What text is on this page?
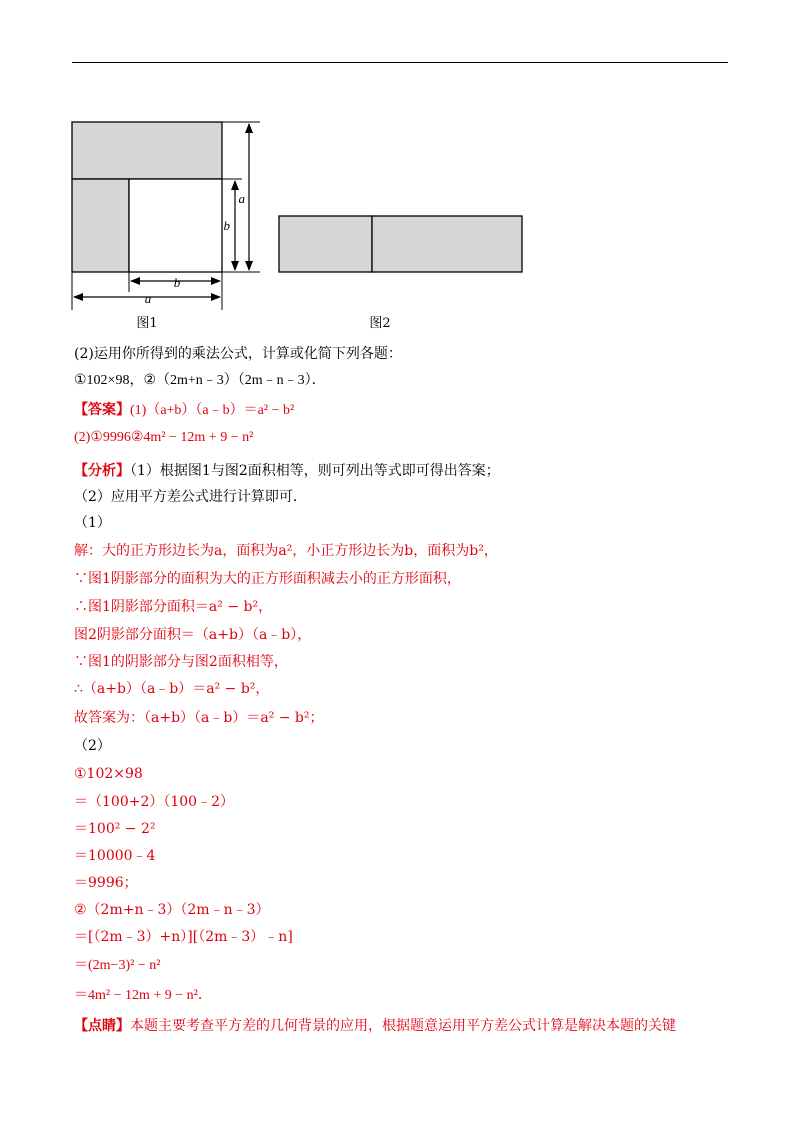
a
b
b
a
图1	图2
(2)运用你所得到的乘法公式，计算或化简下列各题：
①102×98，②（2m+n﹣3）（2m﹣n﹣3）．
【答案】(1)（a+b）（a﹣b）＝a² − b²
(2)①9996②4m² − 12m + 9 − n²
【分析】（1）根据图1与图2面积相等，则可列出等式即可得出答案；
（2）应用平方差公式进行计算即可．
（1）
解：大的正方形边长为a，面积为a²，小正方形边长为b，面积为b²，
∵图1阴影部分的面积为大的正方形面积减去小的正方形面积，
∴图1阴影部分面积＝a² − b²，
图2阴影部分面积＝（a+b）（a﹣b），
∵图1的阴影部分与图2面积相等，
∴（a+b）（a﹣b）＝a² − b²，
故答案为：（a+b）（a﹣b）＝a² − b²；
（2）
①102×98
＝（100+2）（100﹣2）
＝100² − 2²
＝10000﹣4
＝9996；
②（2m+n﹣3）（2m﹣n﹣3）
＝[（2m﹣3）+n）][（2m﹣3）﹣n]
＝(2m−3)² − n²
＝4m² − 12m + 9 − n²．
【点睛】本题主要考查平方差的几何背景的应用，根据题意运用平方差公式计算是解决本题的关键
